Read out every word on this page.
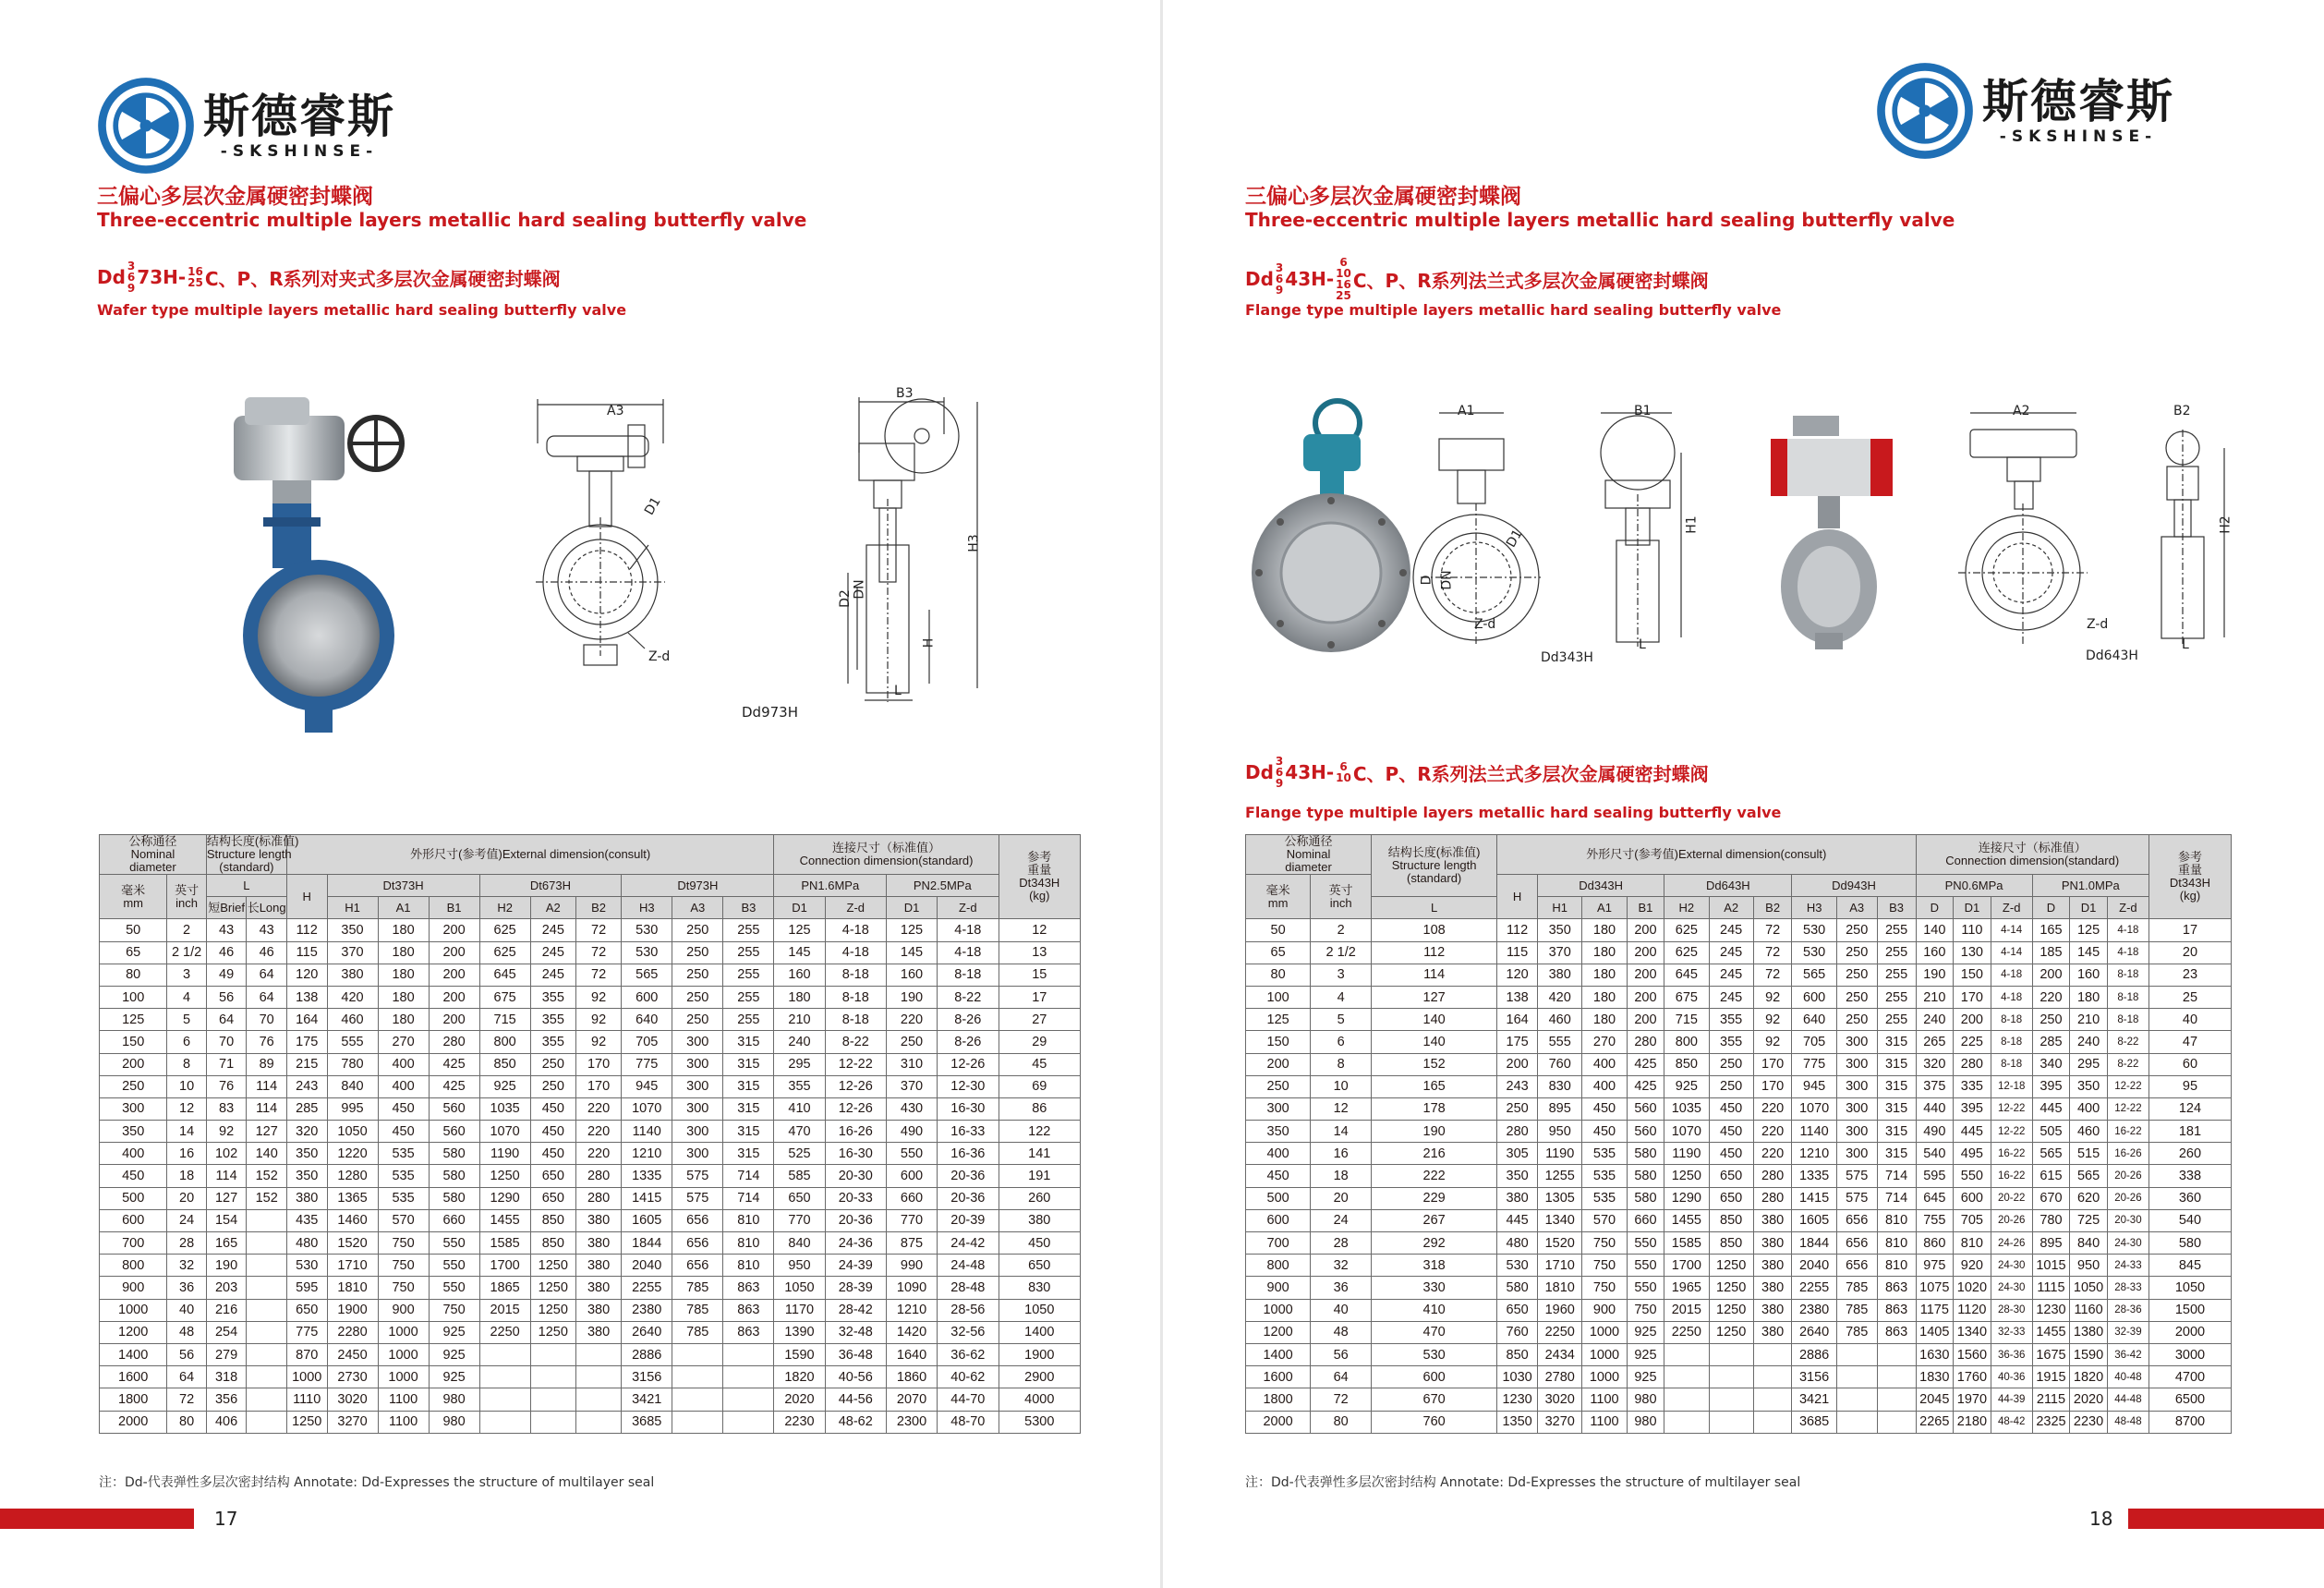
斯德睿斯
-SKSHINSE-
三偏心多层次金属硬密封蝶阀
Three-eccentric multiple layers metallic hard sealing butterfly valve
Dd 3
6
9 73H- 16
25 C、P、R系列对夹式多层次金属硬密封蝶阀
Wafer type multiple layers metallic hard sealing butterfly valve
A3
D1
Z-d
B3
D2 DN
H
H3
L
Dd973H
公称通径
Nominal
diameter		结构长度(标准值)
Structure length
(standard)		外形尺寸(参考值)External dimension(consult)										连接尺寸（标准值）
Connection dimension(standard)				参考
重量
Dt343H
(kg)
毫米
mm	英寸
inch	L		H	Dt373H			Dt673H			Dt973H			PN1.6MPa		PN2.5MPa		
		短Brief	长Long		H1	A1	B1	H2	A2	B2	H3	A3	B3	D1	Z-d	D1	Z-d	
50	2	43	43	112	350	180	200	625	245	72	530	250	255	125	4-18	125	4-18	12
65	2 1/2	46	46	115	370	180	200	625	245	72	530	250	255	145	4-18	145	4-18	13
80	3	49	64	120	380	180	200	645	245	72	565	250	255	160	8-18	160	8-18	15
100	4	56	64	138	420	180	200	675	355	92	600	250	255	180	8-18	190	8-22	17
125	5	64	70	164	460	180	200	715	355	92	640	250	255	210	8-18	220	8-26	27
150	6	70	76	175	555	270	280	800	355	92	705	300	315	240	8-22	250	8-26	29
200	8	71	89	215	780	400	425	850	250	170	775	300	315	295	12-22	310	12-26	45
250	10	76	114	243	840	400	425	925	250	170	945	300	315	355	12-26	370	12-30	69
300	12	83	114	285	995	450	560	1035	450	220	1070	300	315	410	12-26	430	16-30	86
350	14	92	127	320	1050	450	560	1070	450	220	1140	300	315	470	16-26	490	16-33	122
400	16	102	140	350	1220	535	580	1190	450	220	1210	300	315	525	16-30	550	16-36	141
450	18	114	152	350	1280	535	580	1250	650	280	1335	575	714	585	20-30	600	20-36	191
500	20	127	152	380	1365	535	580	1290	650	280	1415	575	714	650	20-33	660	20-36	260
600	24	154		435	1460	570	660	1455	850	380	1605	656	810	770	20-36	770	20-39	380
700	28	165		480	1520	750	550	1585	850	380	1844	656	810	840	24-36	875	24-42	450
800	32	190		530	1710	750	550	1700	1250	380	2040	656	810	950	24-39	990	24-48	650
900	36	203		595	1810	750	550	1865	1250	380	2255	785	863	1050	28-39	1090	28-48	830
1000	40	216		650	1900	900	750	2015	1250	380	2380	785	863	1170	28-42	1210	28-56	1050
1200	48	254		775	2280	1000	925	2250	1250	380	2640	785	863	1390	32-48	1420	32-56	1400
1400	56	279		870	2450	1000	925				2886			1590	36-48	1640	36-62	1900
1600	64	318		1000	2730	1000	925				3156			1820	40-56	1860	40-62	2900
1800	72	356		1110	3020	1100	980				3421			2020	44-56	2070	44-70	4000
2000	80	406		1250	3270	1100	980				3685			2230	48-62	2300	48-70	5300
注：Dd-代表弹性多层次密封结构 Annotate: Dd-Expresses the structure of multilayer seal
17
斯德睿斯
-SKSHINSE-
三偏心多层次金属硬密封蝶阀
Three-eccentric multiple layers metallic hard sealing butterfly valve
Dd 3
6
9 43H-
6
10
16
25
C、P、R系列法兰式多层次金属硬密封蝶阀
Flange type multiple layers metallic hard sealing butterfly valve
A1	B1
D1
D DN
Z-d
H1
L
Dd343H
A2	B2
H2
Z-d
L
Dd643H
Dd 3
6
9 43H- 6
10 C、P、R系列法兰式多层次金属硬密封蝶阀
Flange type multiple layers metallic hard sealing butterfly valve
公称通径
Nominal
diameter		结构长度(标准值)
Structure length
(standard)	外形尺寸(参考值)External dimension(consult)										连接尺寸（标准值）
Connection dimension(standard)						参考
重量
Dt343H
(kg)
毫米
mm	英寸
inch		H	Dd343H			Dd643H			Dd943H			PN0.6MPa			PN1.0MPa			
		L		H1	A1	B1	H2	A2	B2	H3	A3	B3	D	D1	Z-d	D	D1	Z-d	
50	2	108	112	350	180	200	625	245	72	530	250	255	140	110	4-14	165	125	4-18	17
65	2 1/2	112	115	370	180	200	625	245	72	530	250	255	160	130	4-14	185	145	4-18	20
80	3	114	120	380	180	200	645	245	72	565	250	255	190	150	4-18	200	160	8-18	23
100	4	127	138	420	180	200	675	245	92	600	250	255	210	170	4-18	220	180	8-18	25
125	5	140	164	460	180	200	715	355	92	640	250	255	240	200	8-18	250	210	8-18	40
150	6	140	175	555	270	280	800	355	92	705	300	315	265	225	8-18	285	240	8-22	47
200	8	152	200	760	400	425	850	250	170	775	300	315	320	280	8-18	340	295	8-22	60
250	10	165	243	830	400	425	925	250	170	945	300	315	375	335	12-18	395	350	12-22	95
300	12	178	250	895	450	560	1035	450	220	1070	300	315	440	395	12-22	445	400	12-22	124
350	14	190	280	950	450	560	1070	450	220	1140	300	315	490	445	12-22	505	460	16-22	181
400	16	216	305	1190	535	580	1190	450	220	1210	300	315	540	495	16-22	565	515	16-26	260
450	18	222	350	1255	535	580	1250	650	280	1335	575	714	595	550	16-22	615	565	20-26	338
500	20	229	380	1305	535	580	1290	650	280	1415	575	714	645	600	20-22	670	620	20-26	360
600	24	267	445	1340	570	660	1455	850	380	1605	656	810	755	705	20-26	780	725	20-30	540
700	28	292	480	1520	750	550	1585	850	380	1844	656	810	860	810	24-26	895	840	24-30	580
800	32	318	530	1710	750	550	1700	1250	380	2040	656	810	975	920	24-30	1015	950	24-33	845
900	36	330	580	1810	750	550	1965	1250	380	2255	785	863	1075	1020	24-30	1115	1050	28-33	1050
1000	40	410	650	1960	900	750	2015	1250	380	2380	785	863	1175	1120	28-30	1230	1160	28-36	1500
1200	48	470	760	2250	1000	925	2250	1250	380	2640	785	863	1405	1340	32-33	1455	1380	32-39	2000
1400	56	530	850	2434	1000	925				2886			1630	1560	36-36	1675	1590	36-42	3000
1600	64	600	1030	2780	1000	925				3156			1830	1760	40-36	1915	1820	40-48	4700
1800	72	670	1230	3020	1100	980				3421			2045	1970	44-39	2115	2020	44-48	6500
2000	80	760	1350	3270	1100	980				3685			2265	2180	48-42	2325	2230	48-48	8700
注：Dd-代表弹性多层次密封结构 Annotate: Dd-Expresses the structure of multilayer seal
18
